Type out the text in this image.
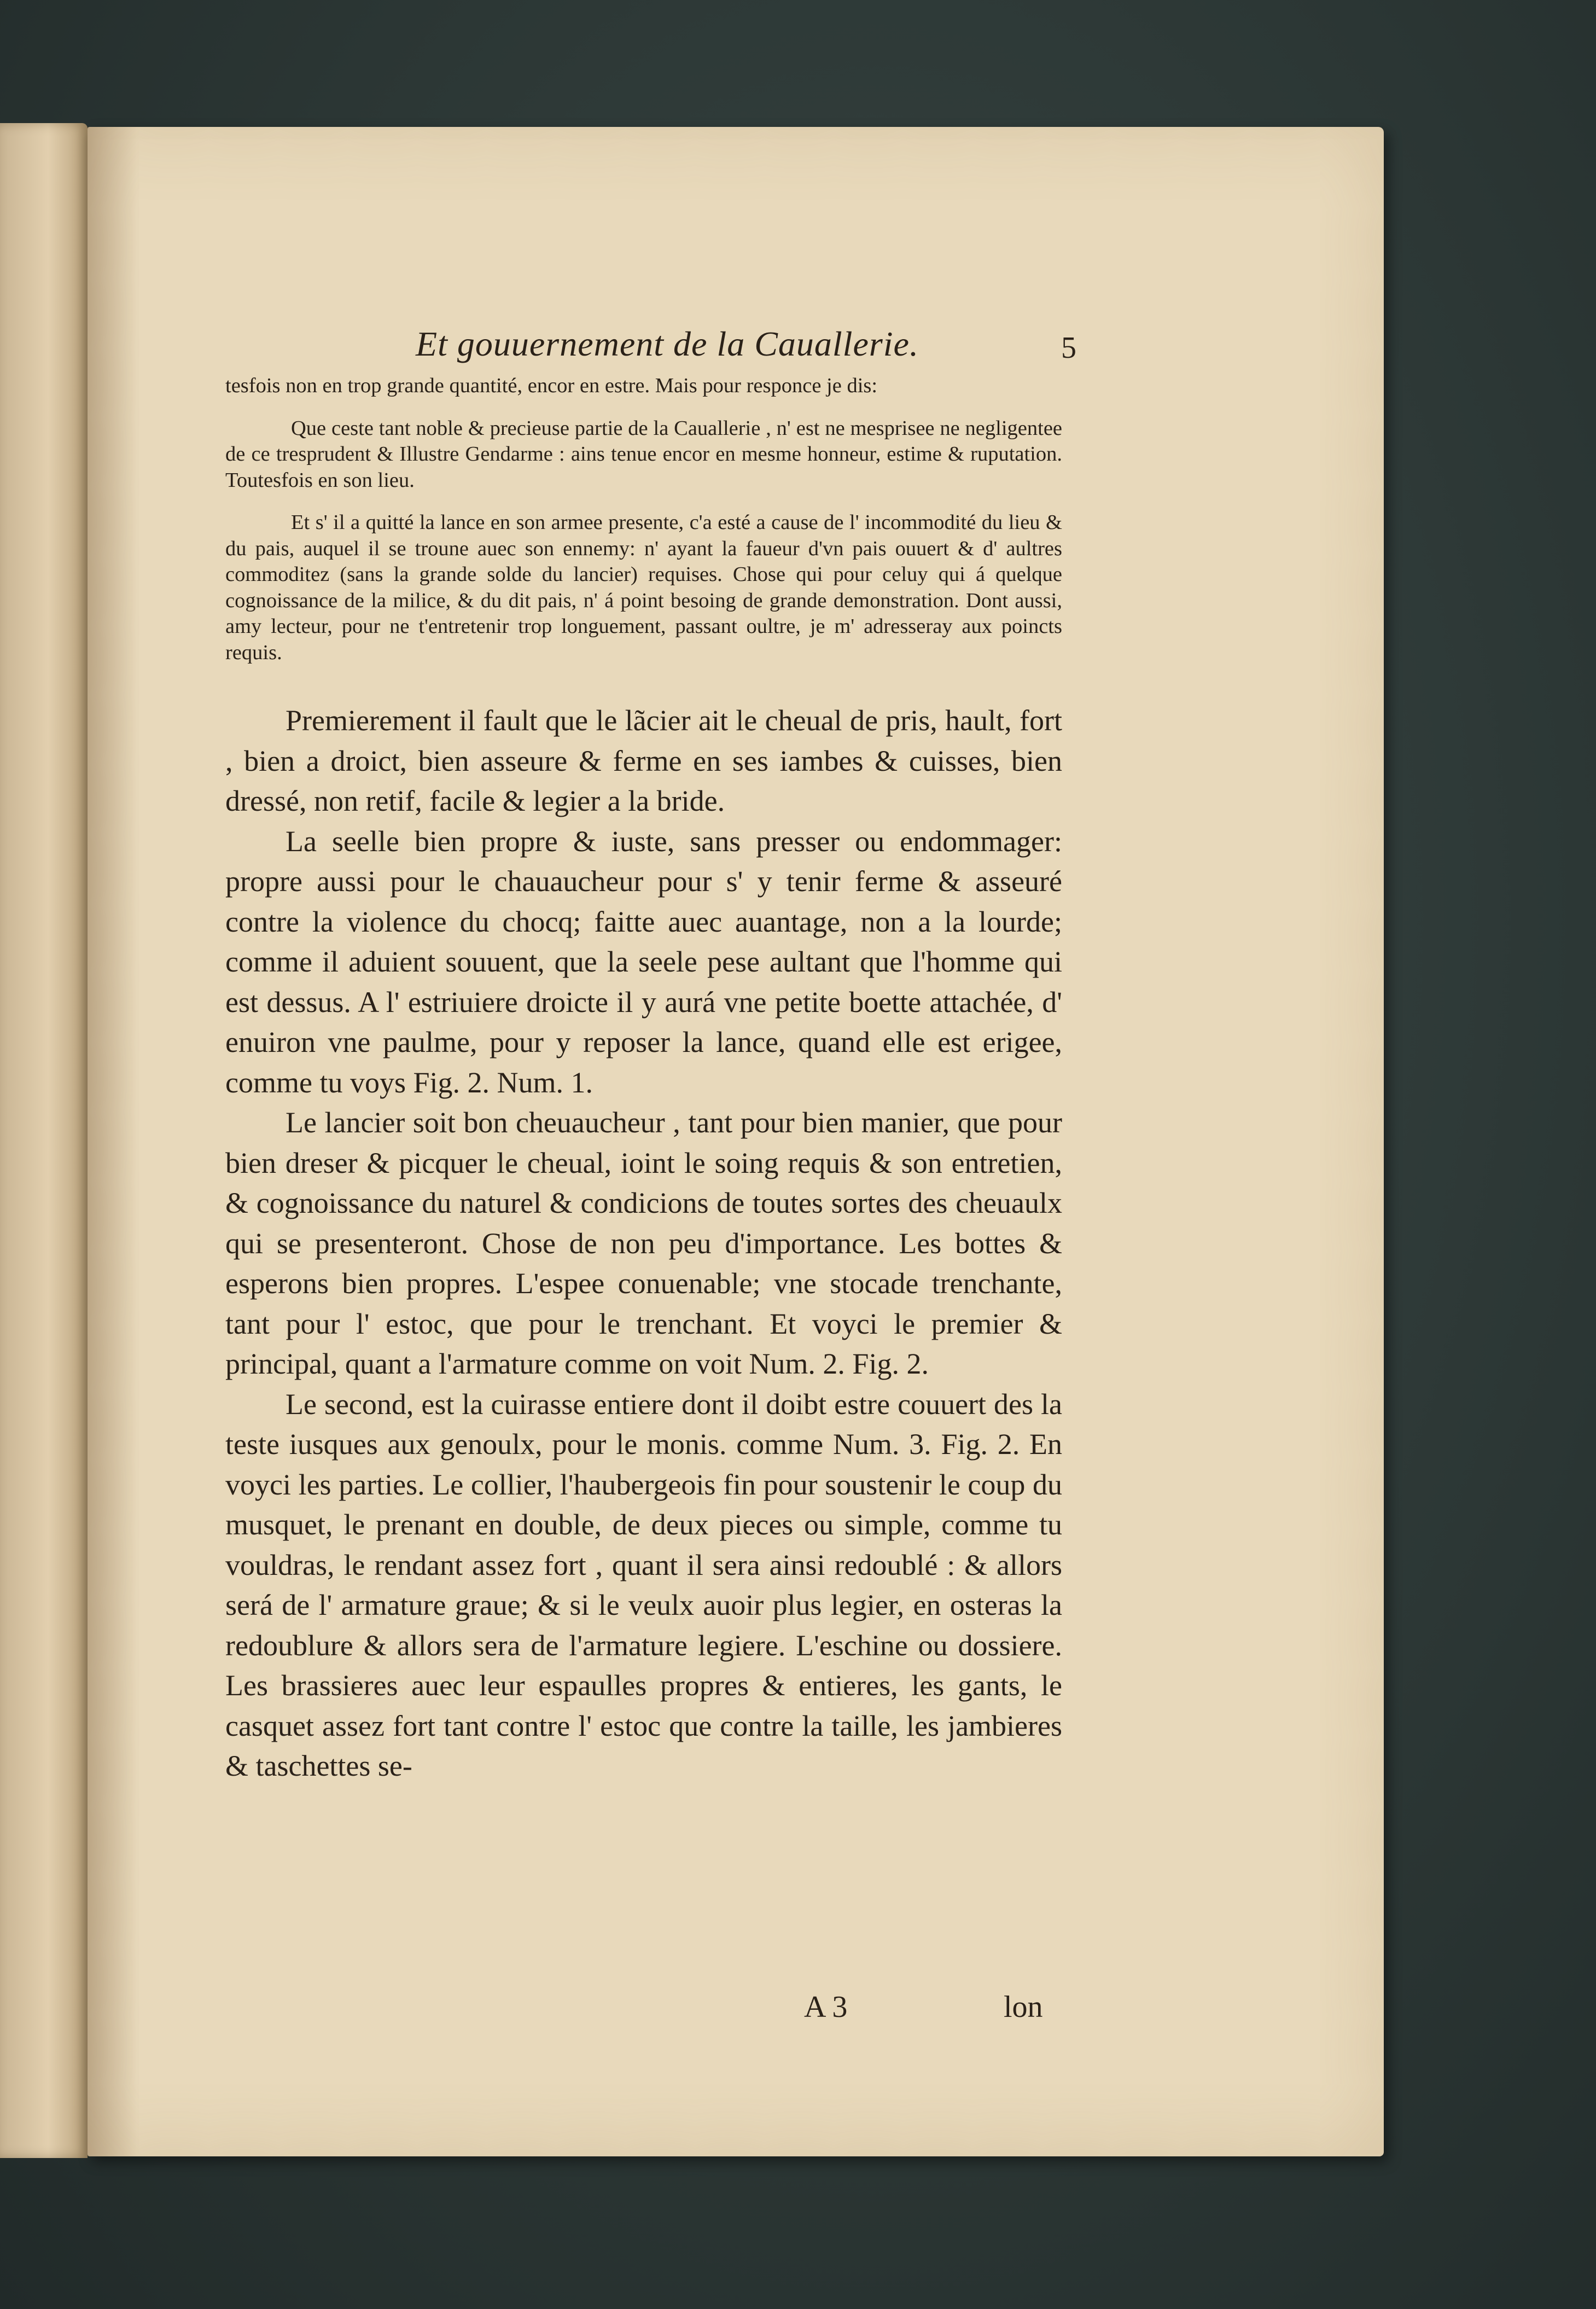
Et gouuernement de la Cauallerie.	5

tesfois non en trop grande quantité, encor en estre. Mais pour responce je dis:

Que ceste tant noble & precieuse partie de la Cauallerie , n' est ne mesprisee ne negligentee de ce tresprudent & Illustre Gendarme : ains tenue encor en mesme honneur, estime & ruputation. Toutesfois en son lieu.

Et s' il a quitté la lance en son armee presente, c'a esté a cause de l' incommodité du lieu & du pais, auquel il se troune auec son ennemy: n' ayant la faueur d'vn pais ouuert & d' aultres commoditez (sans la grande solde du lancier) requises. Chose qui pour celuy qui á quelque cognoissance de la milice, & du dit pais, n' á point besoing de grande demonstration. Dont aussi, amy lecteur, pour ne t'entretenir trop longuement, passant oultre, je m' adresseray aux poincts requis.

Premierement il fault que le lãcier ait le cheual de pris, hault, fort , bien a droict, bien asseure & ferme en ses iambes & cuisses, bien dressé, non retif, facile & legier a la bride.

La seelle bien propre & iuste, sans presser ou endommager: propre aussi pour le chauaucheur pour s' y tenir ferme & asseuré contre la violence du chocq; faitte auec auantage, non a la lourde; comme il aduient souuent, que la seele pese aultant que l'homme qui est dessus. A l' estriuiere droicte il y aurá vne petite boette attachée, d' enuiron vne paulme, pour y reposer la lance, quand elle est erigee, comme tu voys Fig. 2. Num. 1.

Le lancier soit bon cheuaucheur , tant pour bien manier, que pour bien dreser & picquer le cheual, ioint le soing requis & son entretien, & cognoissance du naturel & condicions de toutes sortes des cheuaulx qui se presenteront. Chose de non peu d'importance. Les bottes & esperons bien propres. L'espee conuenable; vne stocade trenchante, tant pour l' estoc, que pour le trenchant. Et voyci le premier & principal, quant a l'armature comme on voit Num. 2. Fig. 2.

Le second, est la cuirasse entiere dont il doibt estre couuert des la teste iusques aux genoulx, pour le monis. comme Num. 3. Fig. 2. En voyci les parties. Le collier, l'haubergeois fin pour soustenir le coup du musquet, le prenant en double, de deux pieces ou simple, comme tu vouldras, le rendant assez fort , quant il sera ainsi redoublé : & allors será de l' armature graue; & si le veulx auoir plus legier, en osteras la redoublure & allors sera de l'armature legiere. L'eschine ou dossiere. Les brassieres auec leur espaulles propres & entieres, les gants, le casquet assez fort tant contre l' estoc que contre la taille, les jambieres & taschettes se-

A 3	lon
